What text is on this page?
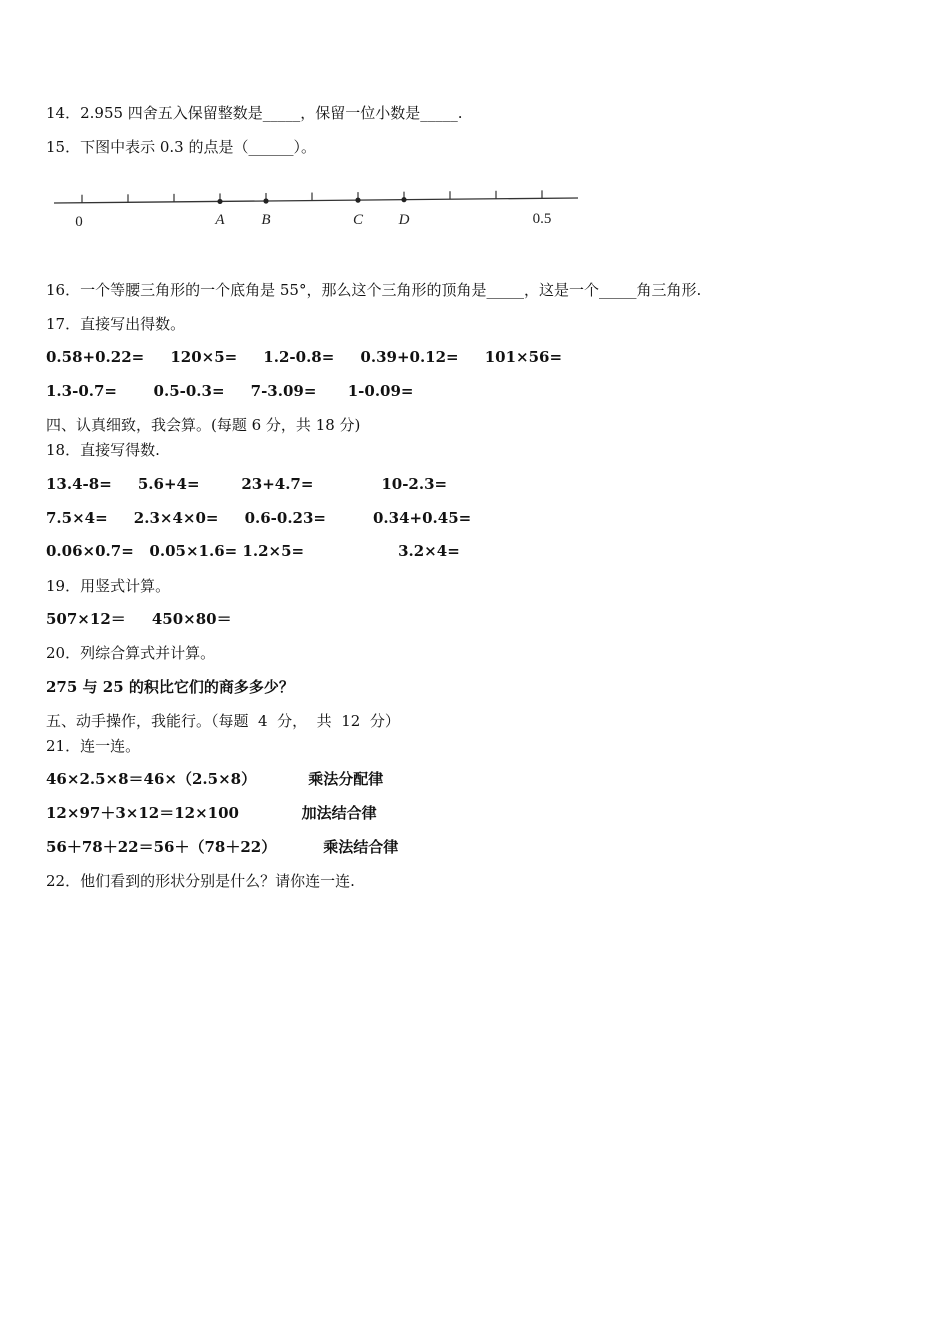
14．2.955 四舍五入保留整数是_____，保留一位小数是_____.

15．下图中表示 0.3 的点是（______）。

0	0.5
A B	C D

16．一个等腰三角形的一个底角是 55°，那么这个三角形的顶角是_____，这是一个_____角三角形.

17．直接写出得数。

0.58+0.22=     120×5=     1.2-0.8=     0.39+0.12=     101×56=

1.3-0.7=       0.5-0.3=     7-3.09=      1-0.09=

四、认真细致，我会算。(每题 6 分，共 18 分)

18．直接写得数.

13.4-8=     5.6+4=        23+4.7=             10-2.3=

7.5×4=     2.3×4×0=     0.6-0.23=         0.34+0.45=

0.06×0.7=   0.05×1.6= 1.2×5=                  3.2×4=

19．用竖式计算。

507×12＝     450×80＝

20．列综合算式并计算。

275 与 25 的积比它们的商多多少？

五、动手操作，我能行。（每题  4  分，  共  12  分）

21．连一连。

46×2.5×8＝46×（2.5×8）          乘法分配律

12×97＋3×12＝12×100            加法结合律

56＋78＋22＝56＋（78＋22）         乘法结合律

22．他们看到的形状分别是什么？请你连一连.
